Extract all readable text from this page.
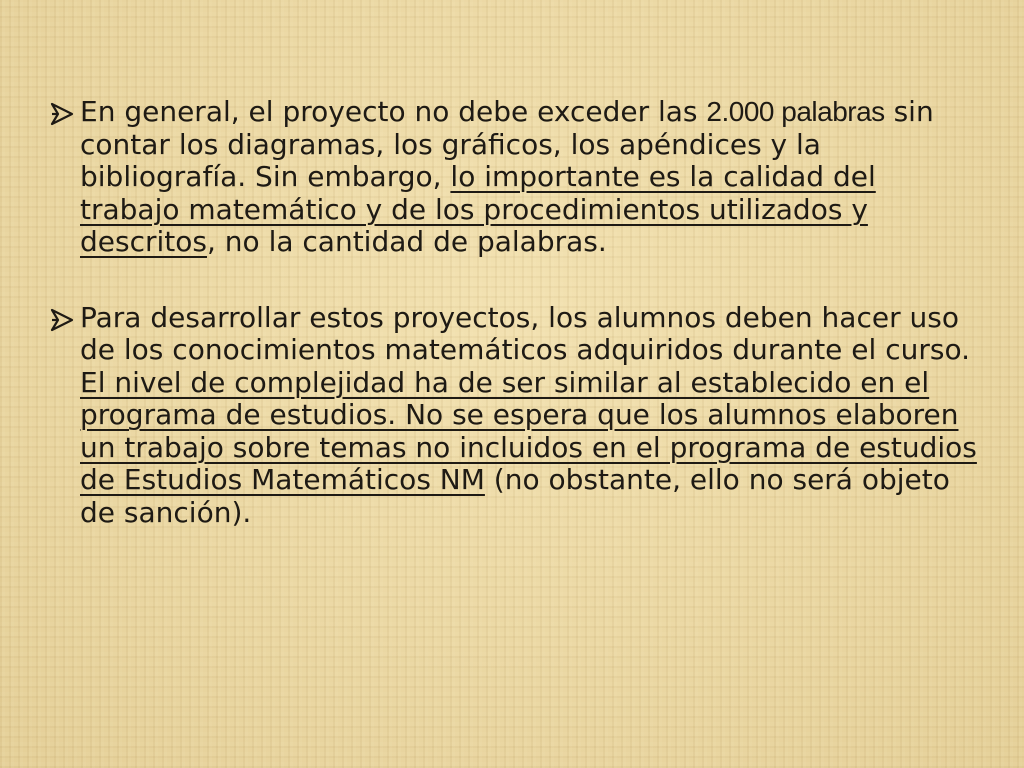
En general, el proyecto no debe exceder las 2.000 palabras sin contar los diagramas, los gráficos, los apéndices y la bibliografía. Sin embargo, lo importante es la calidad del trabajo matemático y de los procedimientos utilizados y descritos, no la cantidad de palabras.
Para desarrollar estos proyectos, los alumnos deben hacer uso de los conocimientos matemáticos adquiridos durante el curso. El nivel de complejidad ha de ser similar al establecido en el programa de estudios. No se espera que los alumnos elaboren un trabajo sobre temas no incluidos en el programa de estudios de Estudios Matemáticos NM (no obstante, ello no será objeto de sanción).
